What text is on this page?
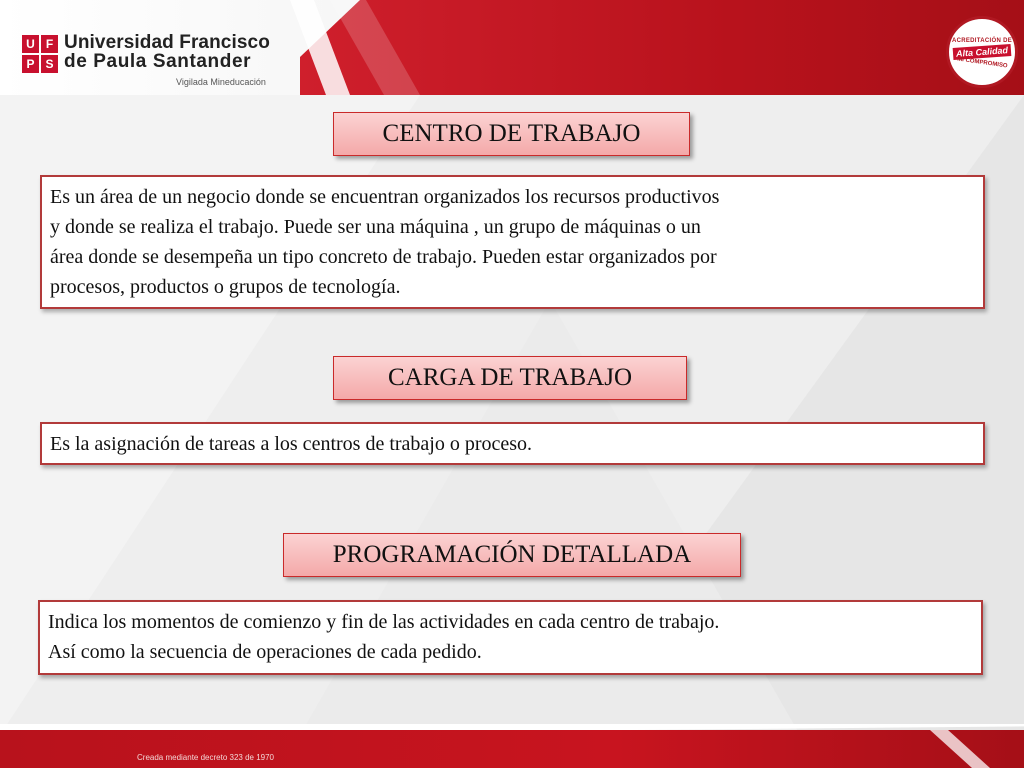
U F
P S
Universidad Francisco
de Paula Santander
Vigilada Mineducación
ACREDITACIÓN DE
Alta Calidad
MI COMPROMISO
CENTRO DE TRABAJO
Es un área de un negocio donde se encuentran organizados los recursos productivos
y donde se realiza el trabajo. Puede ser una máquina , un grupo de máquinas o un
área donde se desempeña un tipo concreto de trabajo. Pueden estar organizados por
procesos, productos o grupos de tecnología.
CARGA DE TRABAJO
Es la asignación de tareas a los centros de trabajo o proceso.
PROGRAMACIÓN DETALLADA
Indica los momentos de comienzo y fin de las actividades en cada centro de trabajo.
Así como la secuencia de operaciones de cada pedido.
Creada mediante decreto 323 de 1970
